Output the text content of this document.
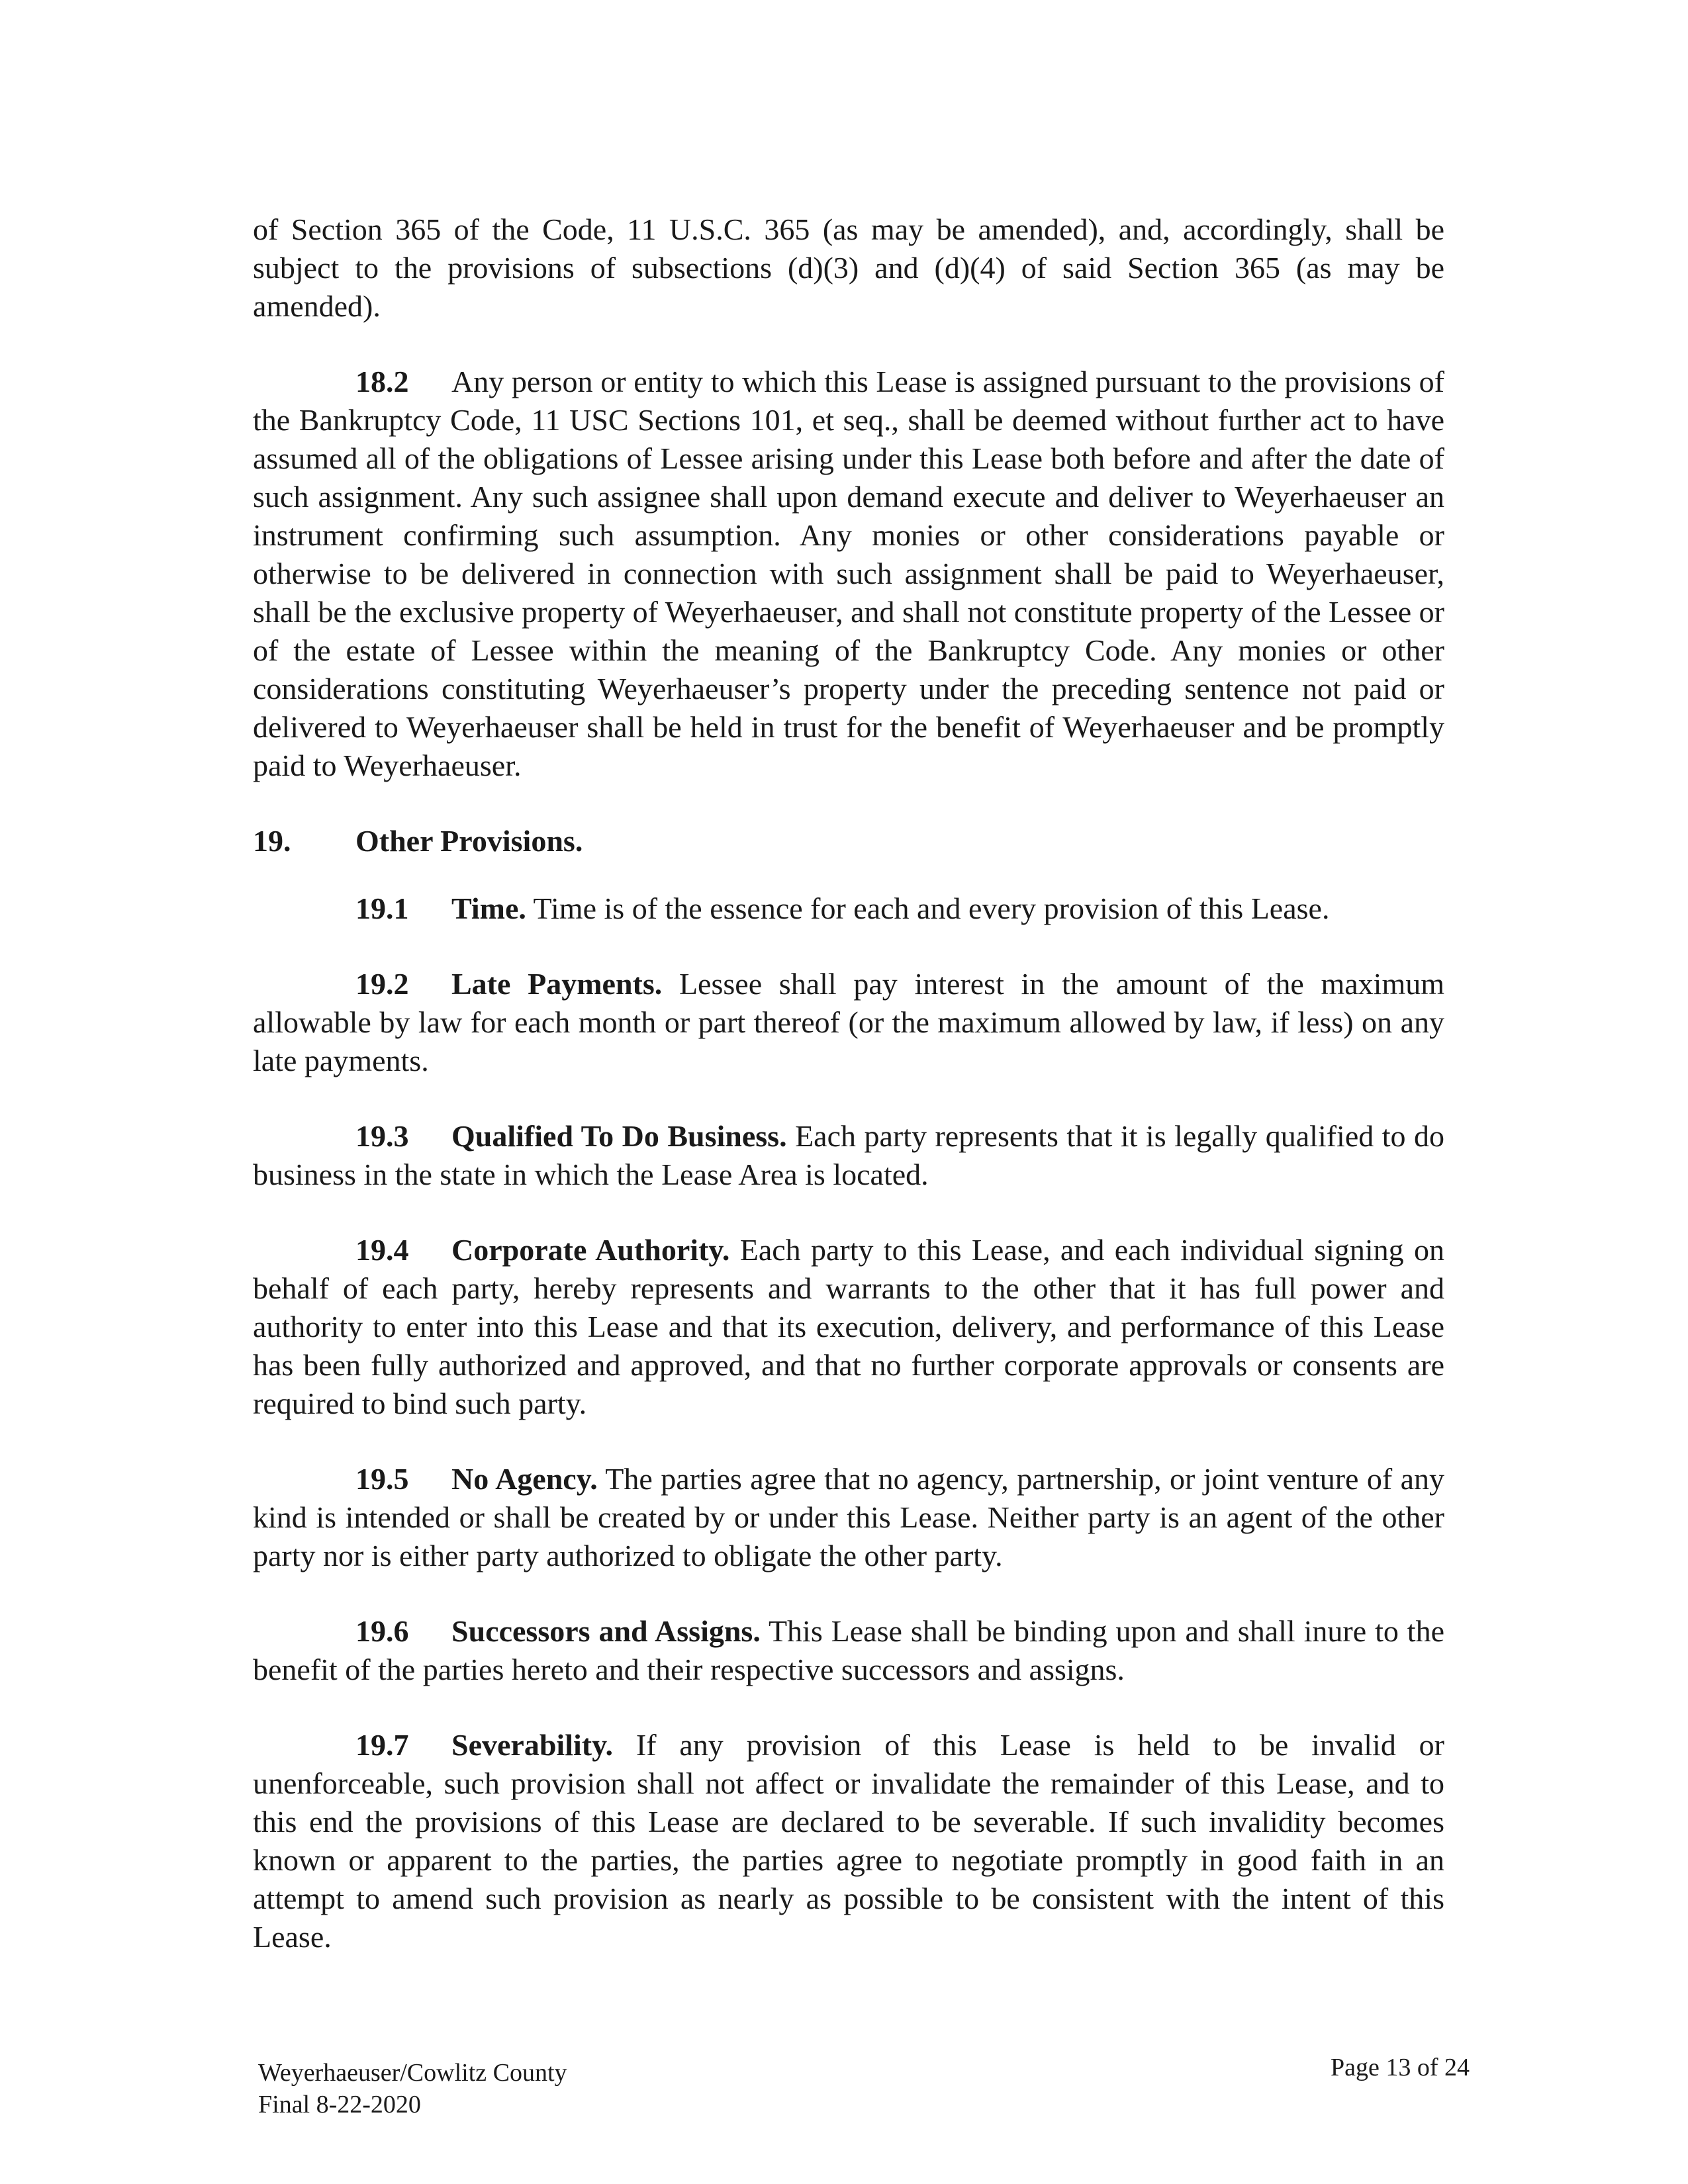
of Section 365 of the Code, 11 U.S.C. 365 (as may be amended), and, accordingly, shall be subject to the provisions of subsections (d)(3) and (d)(4) of said Section 365 (as may be amended).

18.2 Any person or entity to which this Lease is assigned pursuant to the provisions of the Bankruptcy Code, 11 USC Sections 101, et seq., shall be deemed without further act to have assumed all of the obligations of Lessee arising under this Lease both before and after the date of such assignment. Any such assignee shall upon demand execute and deliver to Weyerhaeuser an instrument confirming such assumption. Any monies or other considerations payable or otherwise to be delivered in connection with such assignment shall be paid to Weyerhaeuser, shall be the exclusive property of Weyerhaeuser, and shall not constitute property of the Lessee or of the estate of Lessee within the meaning of the Bankruptcy Code. Any monies or other considerations constituting Weyerhaeuser’s property under the preceding sentence not paid or delivered to Weyerhaeuser shall be held in trust for the benefit of Weyerhaeuser and be promptly paid to Weyerhaeuser.

19. Other Provisions.

19.1 Time. Time is of the essence for each and every provision of this Lease.

19.2 Late Payments. Lessee shall pay interest in the amount of the maximum allowable by law for each month or part thereof (or the maximum allowed by law, if less) on any late payments.

19.3 Qualified To Do Business. Each party represents that it is legally qualified to do business in the state in which the Lease Area is located.

19.4 Corporate Authority. Each party to this Lease, and each individual signing on behalf of each party, hereby represents and warrants to the other that it has full power and authority to enter into this Lease and that its execution, delivery, and performance of this Lease has been fully authorized and approved, and that no further corporate approvals or consents are required to bind such party.

19.5 No Agency. The parties agree that no agency, partnership, or joint venture of any kind is intended or shall be created by or under this Lease. Neither party is an agent of the other party nor is either party authorized to obligate the other party.

19.6 Successors and Assigns. This Lease shall be binding upon and shall inure to the benefit of the parties hereto and their respective successors and assigns.

19.7 Severability. If any provision of this Lease is held to be invalid or unenforceable, such provision shall not affect or invalidate the remainder of this Lease, and to this end the provisions of this Lease are declared to be severable. If such invalidity becomes known or apparent to the parties, the parties agree to negotiate promptly in good faith in an attempt to amend such provision as nearly as possible to be consistent with the intent of this Lease.

Weyerhaeuser/Cowlitz County
Final 8-22-2020
Page 13 of 24
